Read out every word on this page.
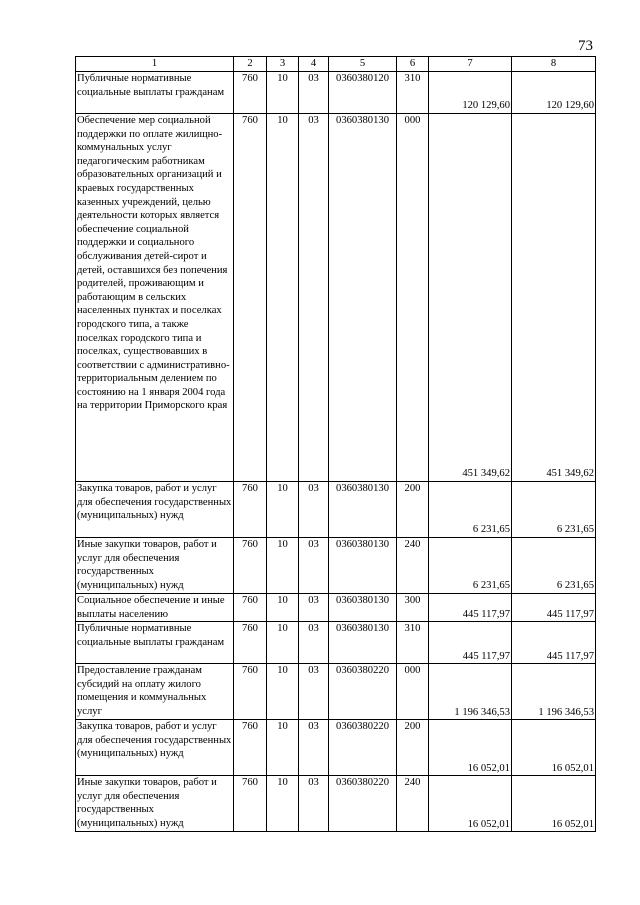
73
1	2	3	4	5	6	7	8
Публичные нормативные социальные выплаты гражданам	760	10	03	0360380120	310	120 129,60	120 129,60
Обеспечение мер социальной поддержки по оплате жилищно-коммунальных услуг педагогическим работникам образовательных организаций и краевых государственных казенных учреждений, целью деятельности которых является обеспечение социальной поддержки и социального обслуживания детей-сирот и детей, оставшихся без попечения родителей, проживающим и работающим в сельских населенных пунктах и поселках городского типа, а также поселках городского типа и поселках, существовавших в соответствии с административно-территориальным делением по состоянию на 1 января 2004 года на территории Приморского края	760	10	03	0360380130	000	451 349,62	451 349,62
Закупка товаров, работ и услуг для обеспечения государственных (муниципальных) нужд	760	10	03	0360380130	200	6 231,65	6 231,65
Иные закупки товаров, работ и услуг для обеспечения государственных (муниципальных) нужд	760	10	03	0360380130	240	6 231,65	6 231,65
Социальное обеспечение и иные выплаты населению	760	10	03	0360380130	300	445 117,97	445 117,97
Публичные нормативные социальные выплаты гражданам	760	10	03	0360380130	310	445 117,97	445 117,97
Предоставление гражданам субсидий на оплату жилого помещения и коммунальных услуг	760	10	03	0360380220	000	1 196 346,53	1 196 346,53
Закупка товаров, работ и услуг для обеспечения государственных (муниципальных) нужд	760	10	03	0360380220	200	16 052,01	16 052,01
Иные закупки товаров, работ и услуг для обеспечения государственных (муниципальных) нужд	760	10	03	0360380220	240	16 052,01	16 052,01
